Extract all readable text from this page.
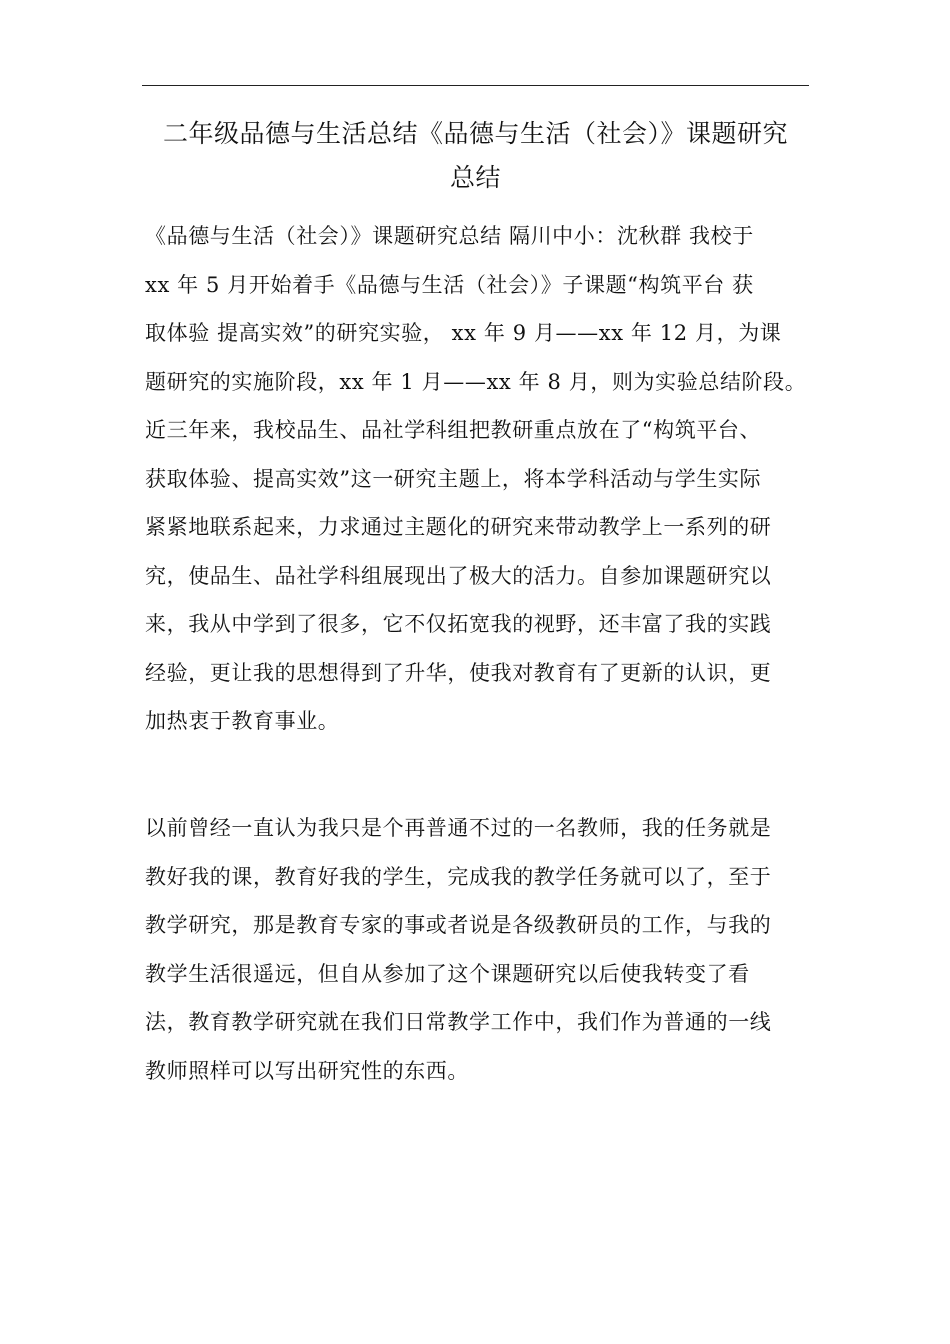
二年级品德与生活总结《品德与生活（社会）》课题研究
总结
《品德与生活（社会）》课题研究总结 隔川中小：沈秋群 我校于
xx 年 5 月开始着手《品德与生活（社会）》子课题“构筑平台 获
取体验 提高实效”的研究实验， xx 年 9 月——xx 年 12 月，为课
题研究的实施阶段，xx 年 1 月——xx 年 8 月，则为实验总结阶段。
近三年来，我校品生、品社学科组把教研重点放在了“构筑平台、
获取体验、提高实效”这一研究主题上，将本学科活动与学生实际
紧紧地联系起来，力求通过主题化的研究来带动教学上一系列的研
究，使品生、品社学科组展现出了极大的活力。自参加课题研究以
来，我从中学到了很多，它不仅拓宽我的视野，还丰富了我的实践
经验，更让我的思想得到了升华，使我对教育有了更新的认识，更
加热衷于教育事业。
以前曾经一直认为我只是个再普通不过的一名教师，我的任务就是
教好我的课，教育好我的学生，完成我的教学任务就可以了，至于
教学研究，那是教育专家的事或者说是各级教研员的工作，与我的
教学生活很遥远，但自从参加了这个课题研究以后使我转变了看
法，教育教学研究就在我们日常教学工作中，我们作为普通的一线
教师照样可以写出研究性的东西。
